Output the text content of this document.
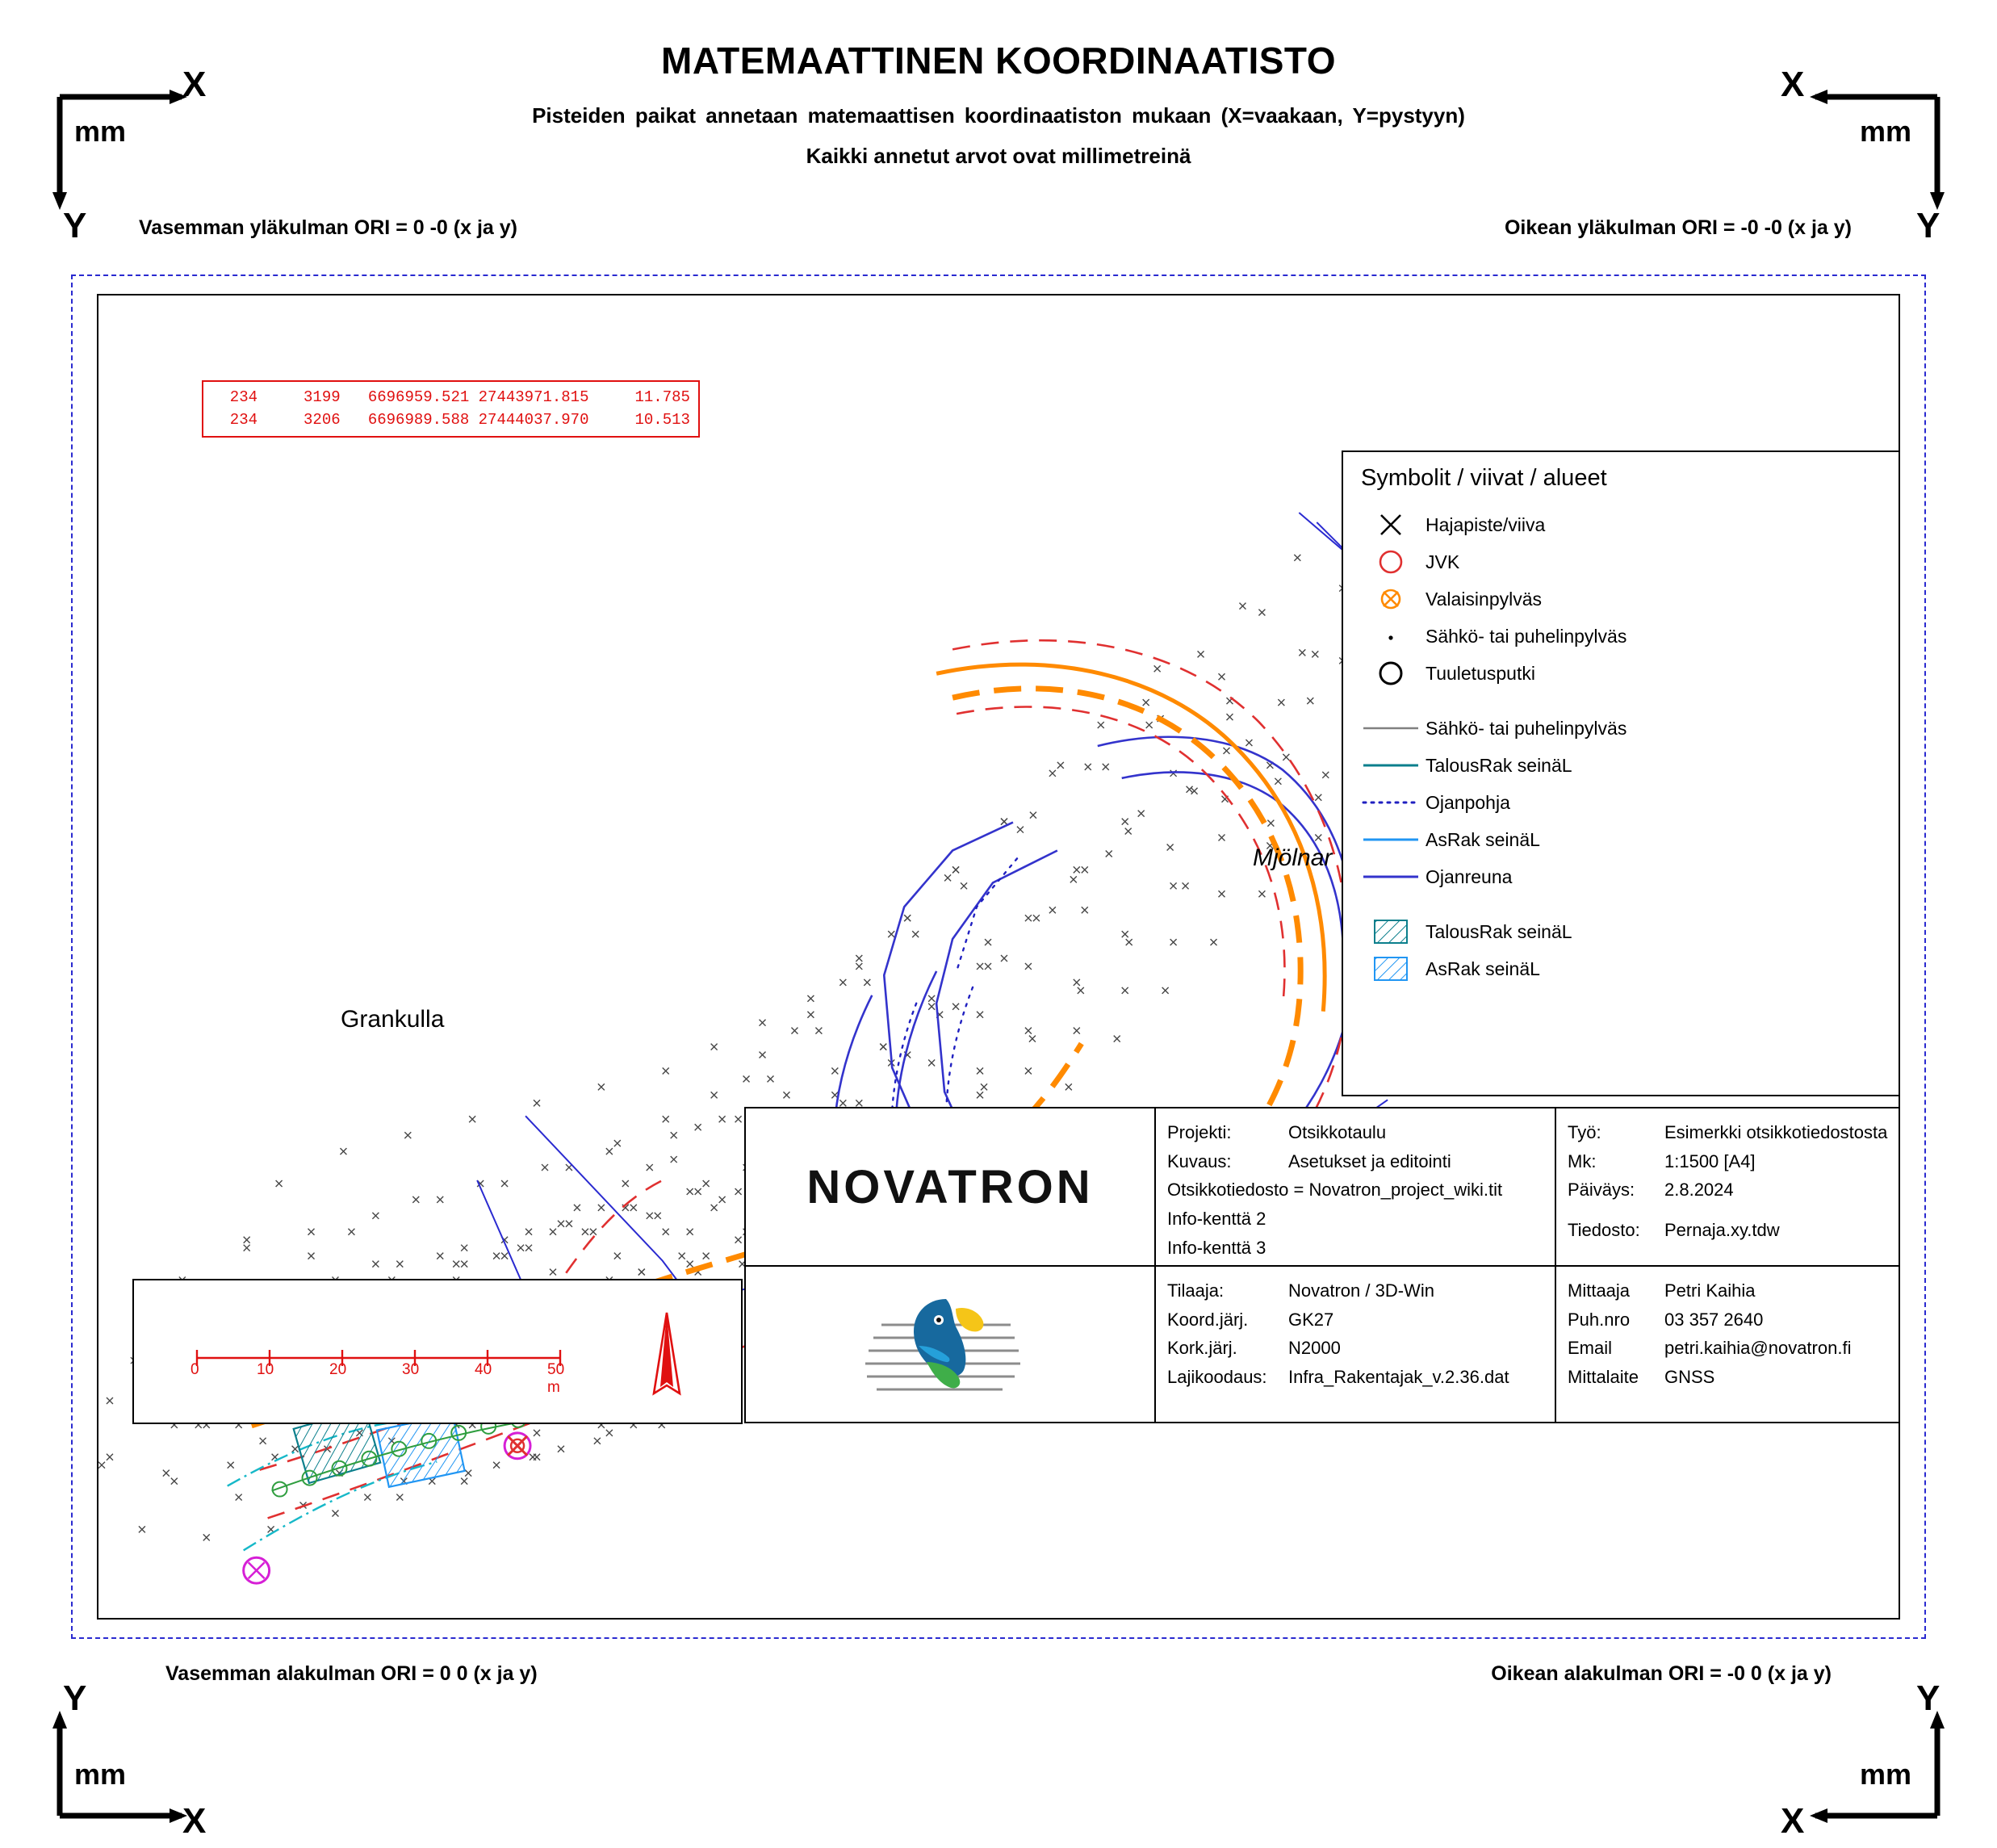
MATEMAATTINEN KOORDINAATISTO
Pisteiden paikat annetaan matemaattisen koordinaatiston mukaan (X=vaakaan, Y=pystyyn)
Kaikki annetut arvot ovat millimetreinä
X
Y
mm
X
Y
mm
Vasemman yläkulman ORI = 0 -0 (x ja y)	Oikean yläkulman ORI = -0 -0 (x ja y)
234     3199   6696959.521 27443971.815     11.785
234     3206   6696989.588 27444037.970     10.513
Grankulla
Mjölnar
Symbolit / viivat / alueet
Hajapiste/viiva
JVK
Valaisinpylväs
Sähkö- tai puhelinpylväs
Tuuletusputki
Sähkö- tai puhelinpylväs
TalousRak seinäL
Ojanpohja
AsRak seinäL
Ojanreuna
TalousRak seinäL
AsRak seinäL
0	10	20	30	40	50 m
NOVATRON
Projekti:	Otsikkotaulu
Kuvaus:	Asetukset ja editointi
Otsikkotiedosto = Novatron_project_wiki.tit
Info-kenttä 2
Info-kenttä 3
Tilaaja:	Novatron / 3D-Win
Koord.järj.	GK27
Kork.järj.	N2000
Lajikoodaus:	Infra_Rakentajak_v.2.36.dat
Työ:	Esimerkki otsikkotiedostosta
Mk:	1:1500 [A4]
Päiväys:	2.8.2024
Tiedosto:	Pernaja.xy.tdw
Mittaaja	Petri Kaihia
Puh.nro	03 357 2640
Email	petri.kaihia@novatron.fi
Mittalaite	GNSS
Vasemman alakulman ORI = 0 0 (x ja y)	Oikean alakulman ORI = -0 0 (x ja y)
Y
X
mm
Y
X
mm
